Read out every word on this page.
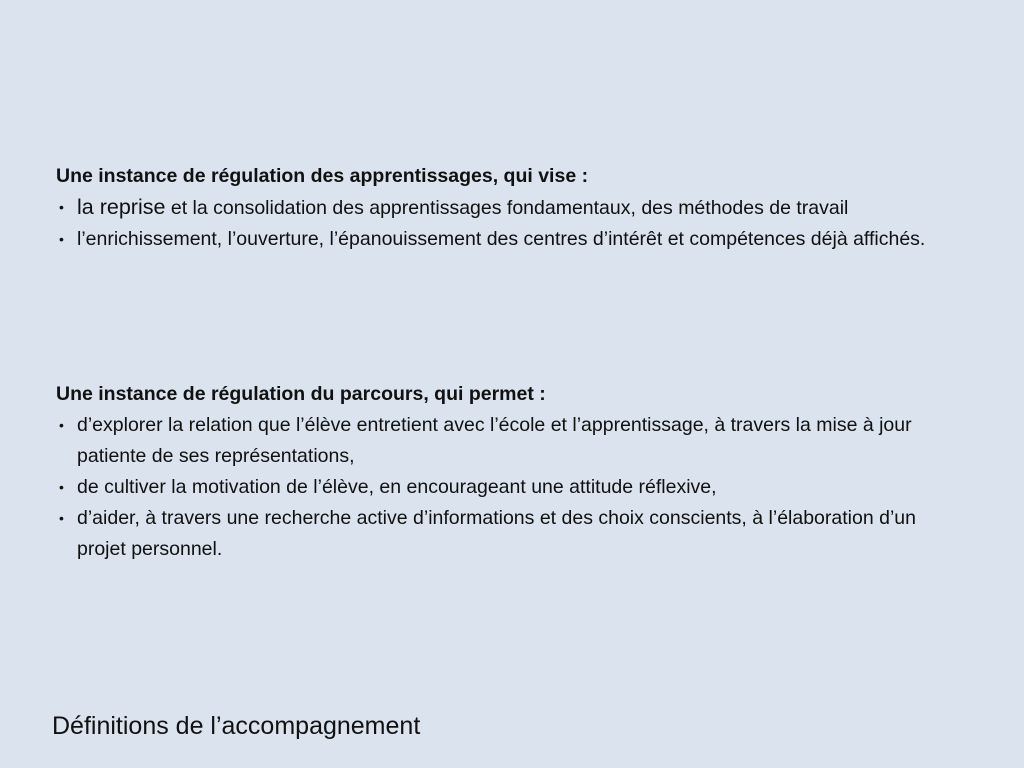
Une instance de régulation des apprentissages, qui vise :

• la reprise et la consolidation des apprentissages fondamentaux, des méthodes de travail
• l’enrichissement, l’ouverture, l’épanouissement des centres d’intérêt et compétences déjà affichés.

Une instance de régulation du parcours, qui permet :

• d’explorer la relation que l’élève entretient avec l’école et l’apprentissage, à travers la mise à jour patiente de ses représentations,
• de cultiver la motivation de l’élève, en encourageant une attitude réflexive,
• d’aider, à travers une recherche active d’informations et des choix conscients, à l’élaboration d’un projet personnel.
Définitions de l’accompagnement
